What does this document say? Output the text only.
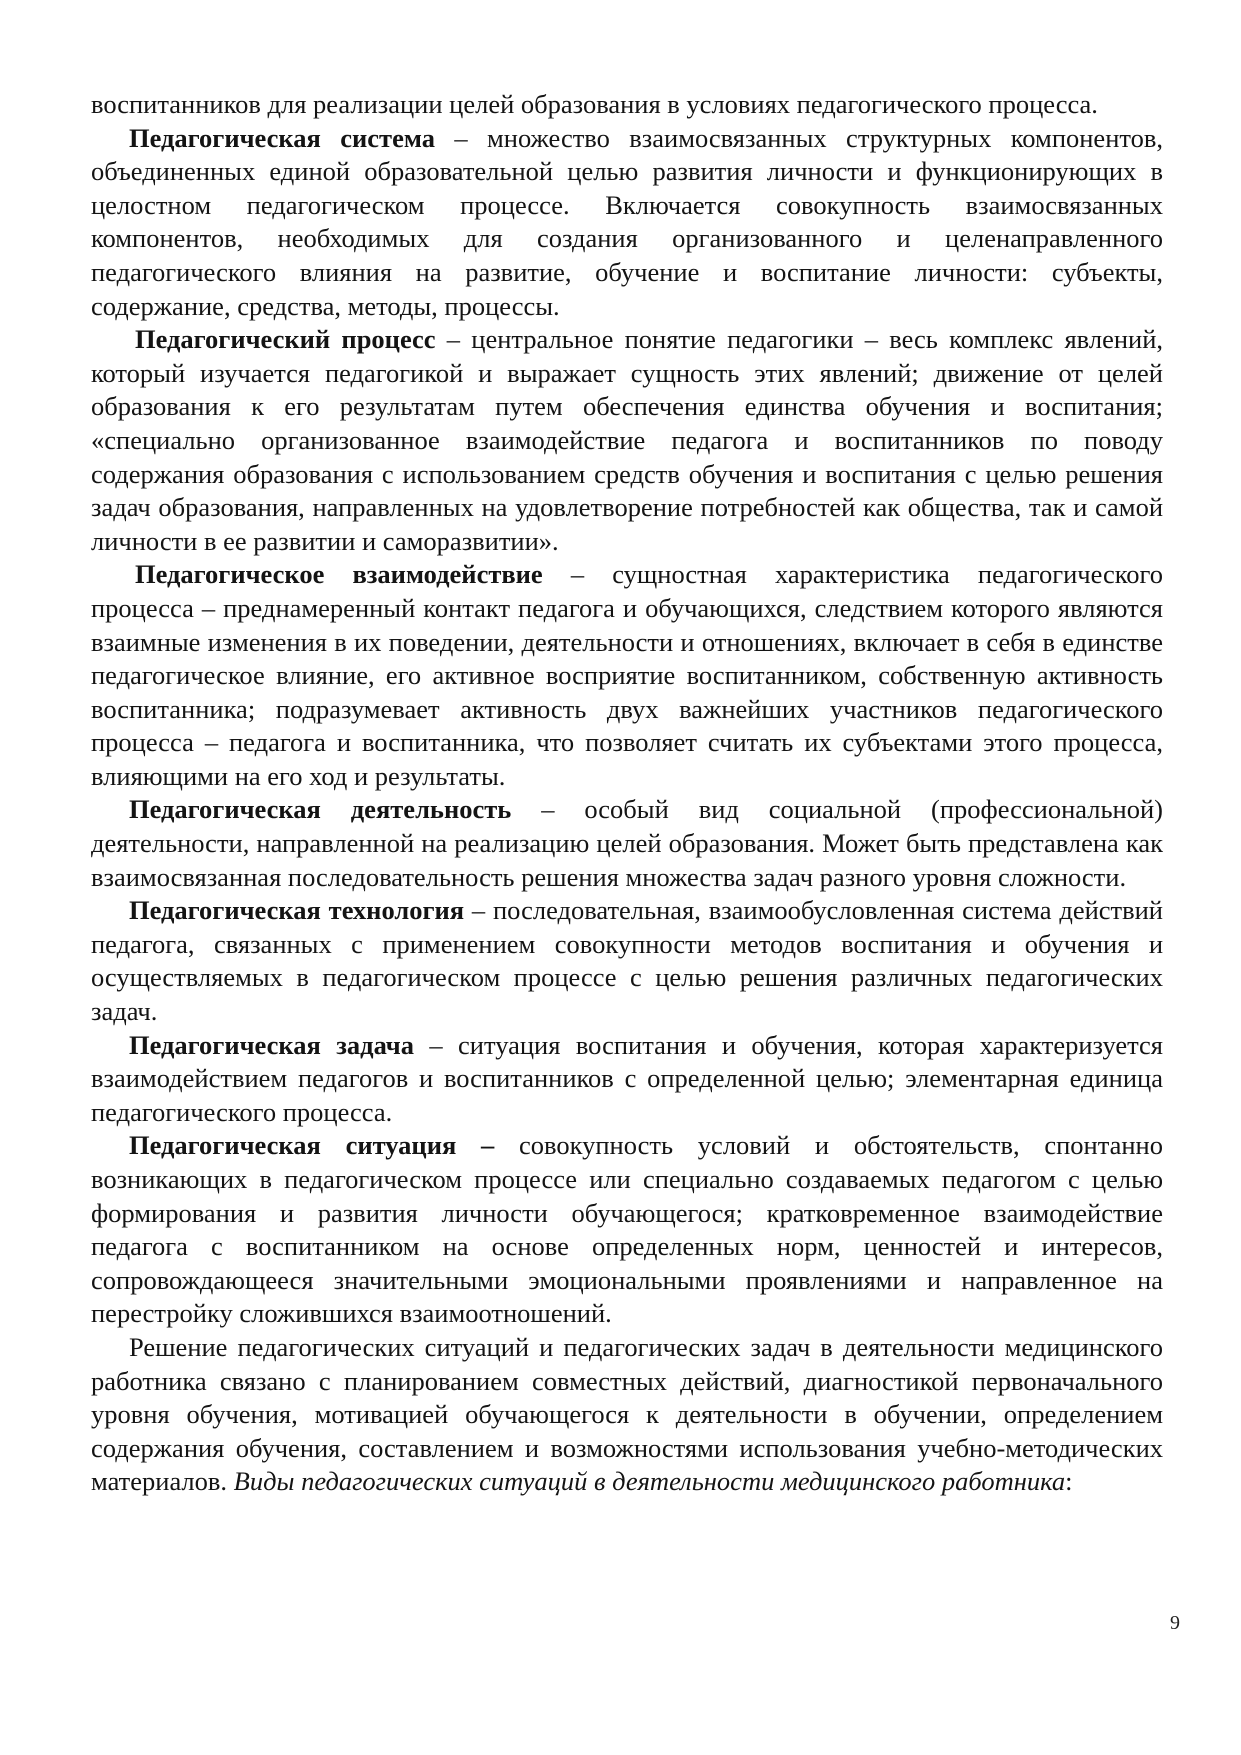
воспитанников для реализации целей образования в условиях педагогического процесса.

Педагогическая система – множество взаимосвязанных структурных компонентов, объединенных единой образовательной целью развития личности и функционирующих в целостном педагогическом процессе. Включается совокупность взаимосвязанных компонентов, необходимых для создания организованного и целенаправленного педагогического влияния на развитие, обучение и воспитание личности: субъекты, содержание, средства, методы, процессы.

Педагогический процесс – центральное понятие педагогики – весь комплекс явлений, который изучается педагогикой и выражает сущность этих явлений; движение от целей образования к его результатам путем обеспечения единства обучения и воспитания; «специально организованное взаимодействие педагога и воспитанников по поводу содержания образования с использованием средств обучения и воспитания с целью решения задач образования, направленных на удовлетворение потребностей как общества, так и самой личности в ее развитии и саморазвитии».

Педагогическое взаимодействие – сущностная характеристика педагогического процесса – преднамеренный контакт педагога и обучающихся, следствием которого являются взаимные изменения в их поведении, деятельности и отношениях, включает в себя в единстве педагогическое влияние, его активное восприятие воспитанником, собственную активность воспитанника; подразумевает активность двух важнейших участников педагогического процесса – педагога и воспитанника, что позволяет считать их субъектами этого процесса, влияющими на его ход и результаты.

Педагогическая деятельность – особый вид социальной (профессиональной) деятельности, направленной на реализацию целей образования. Может быть представлена как взаимосвязанная последовательность решения множества задач разного уровня сложности.

Педагогическая технология – последовательная, взаимообусловленная система действий педагога, связанных с применением совокупности методов воспитания и обучения и осуществляемых в педагогическом процессе с целью решения различных педагогических задач.

Педагогическая задача – ситуация воспитания и обучения, которая характеризуется взаимодействием педагогов и воспитанников с определенной целью; элементарная единица педагогического процесса.

Педагогическая ситуация – совокупность условий и обстоятельств, спонтанно возникающих в педагогическом процессе или специально создаваемых педагогом с целью формирования и развития личности обучающегося; кратковременное взаимодействие педагога с воспитанником на основе определенных норм, ценностей и интересов, сопровождающееся значительными эмоциональными проявлениями и направленное на перестройку сложившихся взаимоотношений.

Решение педагогических ситуаций и педагогических задач в деятельности медицинского работника связано с планированием совместных действий, диагностикой первоначального уровня обучения, мотивацией обучающегося к деятельности в обучении, определением содержания обучения, составлением и возможностями использования учебно-методических материалов. Виды педагогических ситуаций в деятельности медицинского работника:

9
